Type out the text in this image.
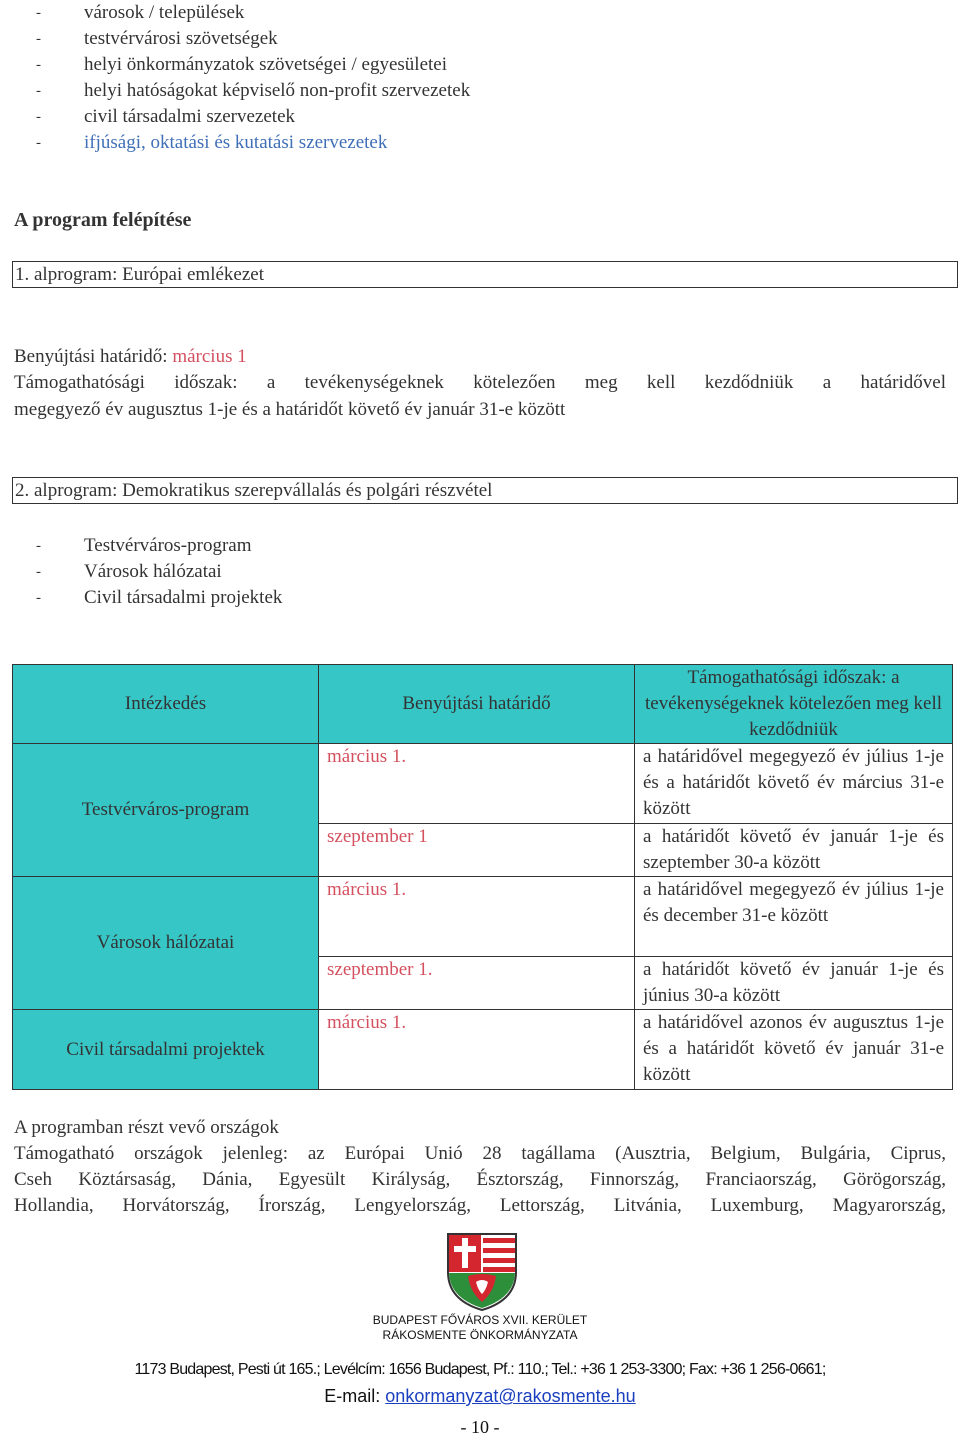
- városok / települések
- testvérvárosi szövetségek
- helyi önkormányzatok szövetségei / egyesületei
- helyi hatóságokat képviselő non-profit szervezetek
- civil társadalmi szervezetek
- ifjúsági, oktatási és kutatási szervezetek
A program felépítése
1. alprogram: Európai emlékezet
Benyújtási határidő: március 1
Támogathatósági időszak: a tevékenységeknek kötelezően meg kell kezdődniük a határidővel
megegyező év augusztus 1-je és a határidőt követő év január 31-e között
2. alprogram: Demokratikus szerepvállalás és polgári részvétel
- Testvérváros-program
- Városok hálózatai
- Civil társadalmi projektek
Intézkedés	Benyújtási határidő	Támogathatósági időszak: a tevékenységeknek kötelezően meg kell kezdődniük
Testvérváros-program	március 1.	a határidővel megegyező év július 1-je és a határidőt követő év március 31-e között
	szeptember 1	a határidőt követő év január 1-je és szeptember 30-a között
Városok hálózatai	március 1.	a határidővel megegyező év július 1-je és december 31-e között
	szeptember 1.	a határidőt követő év január 1-je és június 30-a között
Civil társadalmi projektek	március 1.	a határidővel azonos év augusztus 1-je és a határidőt követő év január 31-e között
A programban részt vevő országok
Támogatható országok jelenleg: az Európai Unió 28 tagállama (Ausztria, Belgium, Bulgária, Ciprus,
Cseh Köztársaság, Dánia, Egyesült Királyság, Észtország, Finnország, Franciaország, Görögország,
Hollandia, Horvátország, Írország, Lengyelország, Lettország, Litvánia, Luxemburg, Magyarország,
BUDAPEST FŐVÁROS XVII. KERÜLET
RÁKOSMENTE ÖNKORMÁNYZATA
1173 Budapest, Pesti út 165.; Levélcím: 1656 Budapest, Pf.: 110.; Tel.: +36 1 253-3300; Fax: +36 1 256-0661;
E-mail: onkormanyzat@rakosmente.hu
- 10 -
